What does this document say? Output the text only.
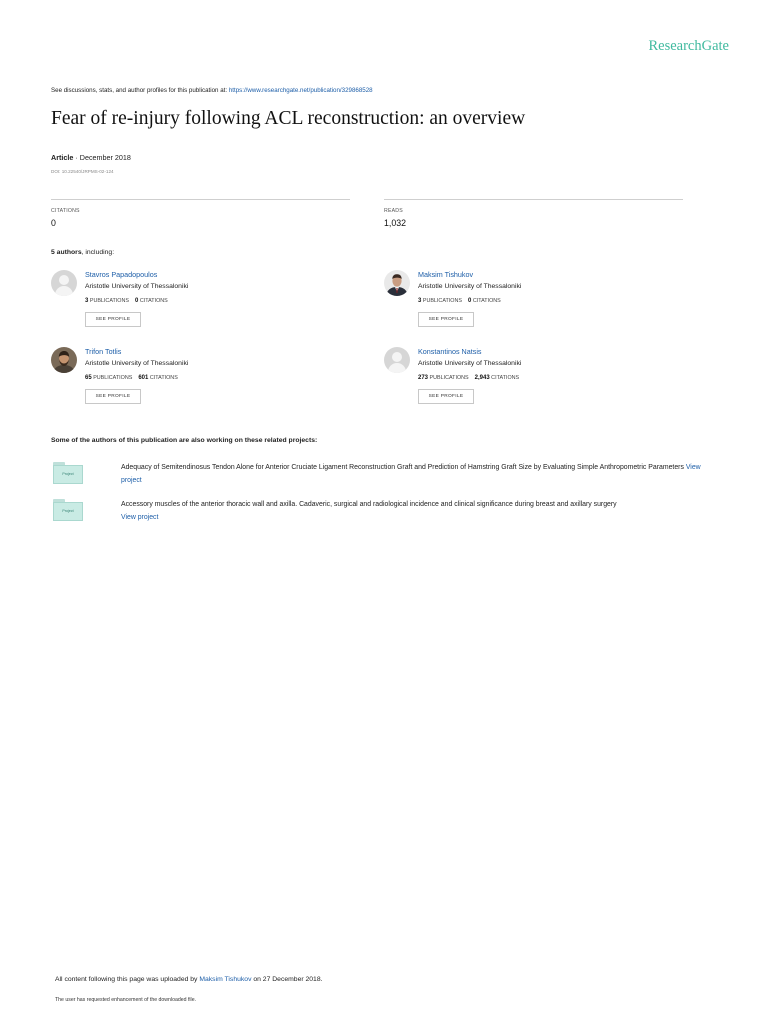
ResearchGate
See discussions, stats, and author profiles for this publication at: https://www.researchgate.net/publication/329868528
Fear of re-injury following ACL reconstruction: an overview
Article · December 2018
DOI: 10.22540/JRPMS-02-124
CITATIONS
0
READS
1,032
5 authors, including:
Stavros Papadopoulos
Aristotle University of Thessaloniki
3 PUBLICATIONS 0 CITATIONS
SEE PROFILE
Maksim Tishukov
Aristotle University of Thessaloniki
3 PUBLICATIONS 0 CITATIONS
SEE PROFILE
Trifon Totlis
Aristotle University of Thessaloniki
65 PUBLICATIONS 601 CITATIONS
SEE PROFILE
Konstantinos Natsis
Aristotle University of Thessaloniki
273 PUBLICATIONS 2,943 CITATIONS
SEE PROFILE
Some of the authors of this publication are also working on these related projects:
Project
Adequacy of Semitendinosus Tendon Alone for Anterior Cruciate Ligament Reconstruction Graft and Prediction of Hamstring Graft Size by Evaluating Simple Anthropometric Parameters View project
Project
Accessory muscles of the anterior thoracic wall and axilla. Cadaveric, surgical and radiological incidence and clinical significance during breast and axillary surgery
View project
All content following this page was uploaded by Maksim Tishukov on 27 December 2018.
The user has requested enhancement of the downloaded file.
